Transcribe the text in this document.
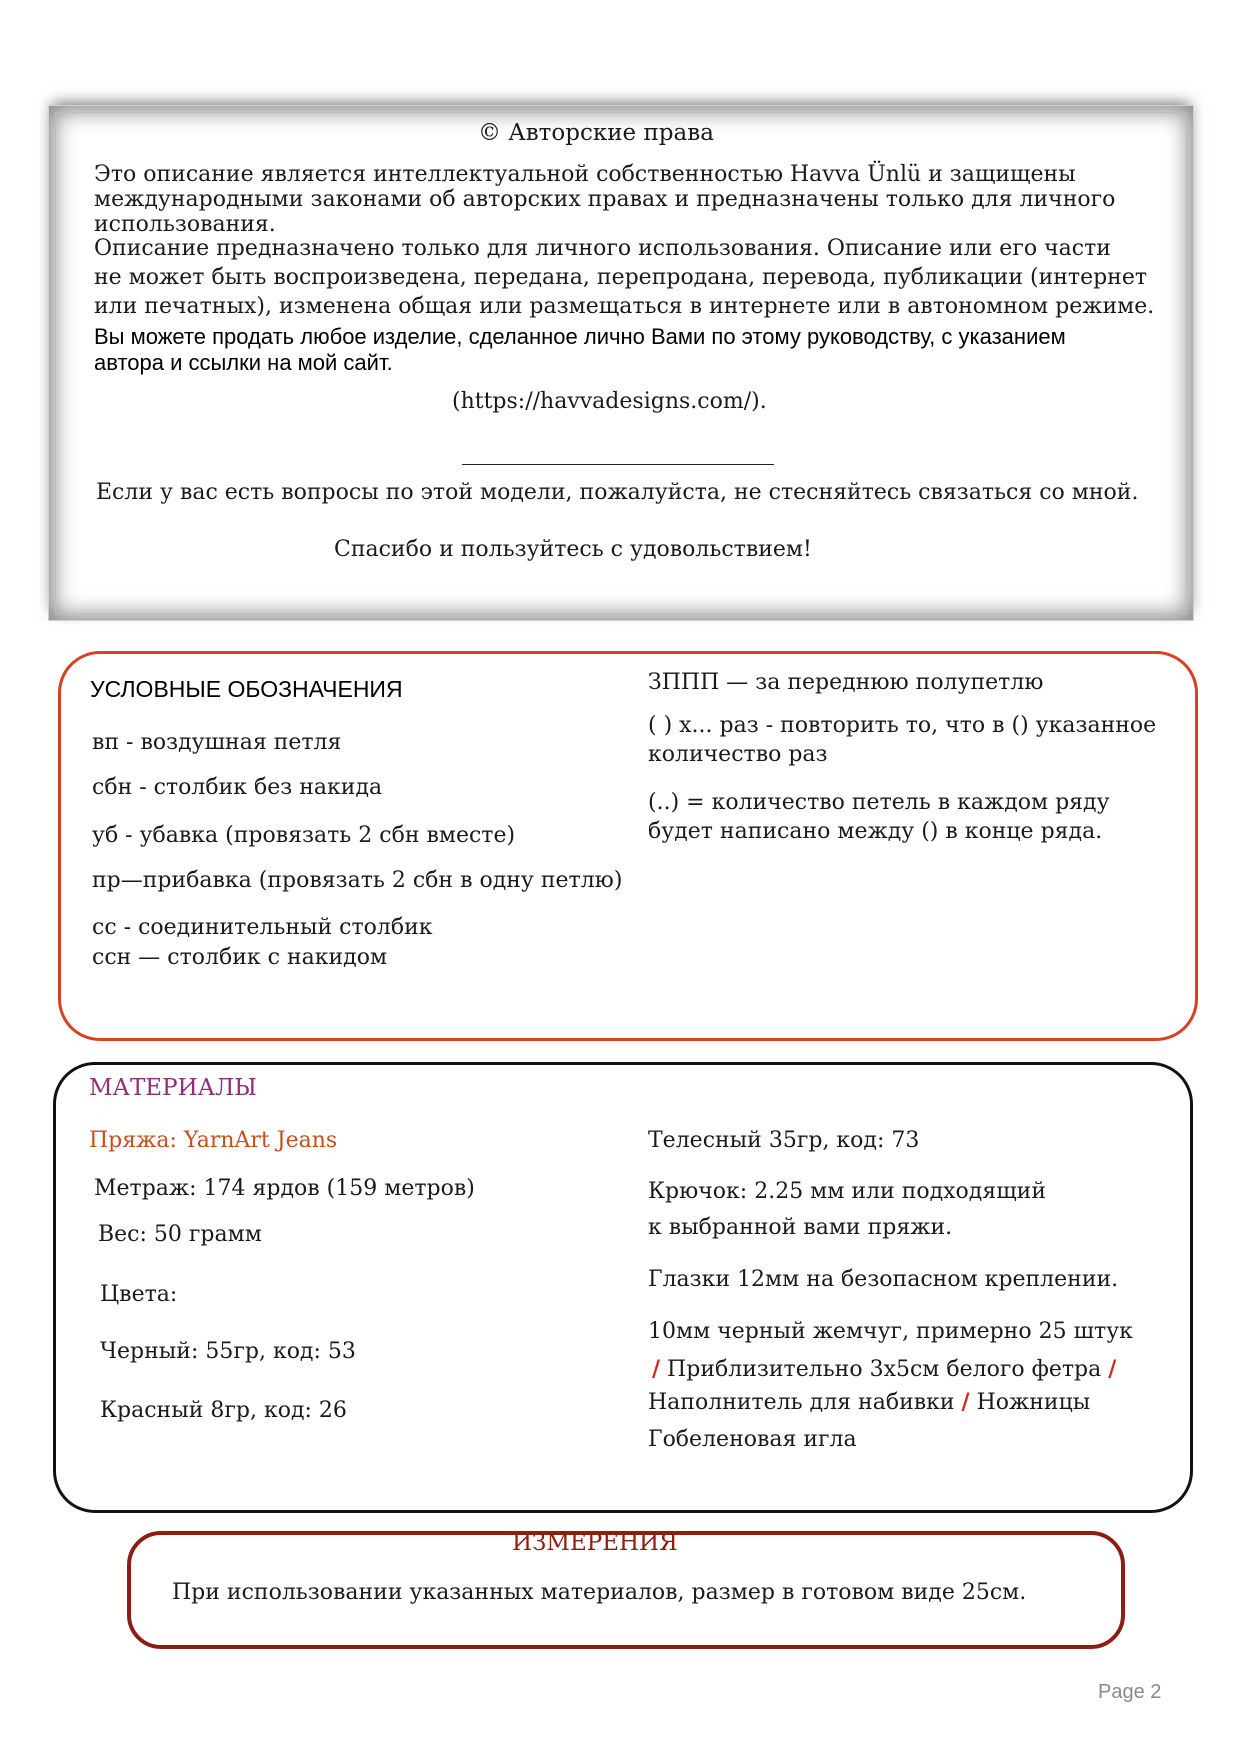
© Авторские права
Это описание является интеллектуальной собственностью Havva Ünlü и защищены
международными законами об авторских правах и предназначены только для личного
использования.
Описание предназначено только для личного использования. Описание или его части
не может быть воспроизведена, передана, перепродана, перевода, публикации (интернет
или печатных), изменена общая или размещаться в интернете или в автономном режиме.
Вы можете продать любое изделие, сделанное лично Вами по этому руководству, с указанием
автора и ссылки на мой сайт.
(https://havvadesigns.com/).
Если у вас есть вопросы по этой модели, пожалуйста, не стесняйтесь связаться со мной.
Спасибо и пользуйтесь с удовольствием!
УСЛОВНЫЕ ОБОЗНАЧЕНИЯ
вп - воздушная петля
сбн - столбик без накида
уб - убавка (провязать 2 сбн вместе)
пр—прибавка (провязать 2 сбн в одну петлю)
сс - соединительный столбик
ссн — столбик с накидом
ЗППП — за переднюю полупетлю
( ) x... раз - повторить то, что в () указанное
количество раз
(..) = количество петель в каждом ряду
будет написано между () в конце ряда.
МАТЕРИАЛЫ
Пряжа: YarnArt Jeans
Метраж: 174 ярдов (159 метров)
Вес: 50 грамм
Цвета:
Черный: 55гр, код: 53
Красный 8гр, код: 26
Телесный 35гр, код: 73
Крючок: 2.25 мм или подходящий
к выбранной вами пряжи.
Глазки 12мм на безопасном креплении.
10мм черный жемчуг, примерно 25 штук
/ Приблизительно 3х5см белого фетра /
Наполнитель для набивки / Ножницы
Гобеленовая игла
ИЗМЕРЕНИЯ
При использовании указанных материалов, размер в готовом виде 25см.
Page 2
